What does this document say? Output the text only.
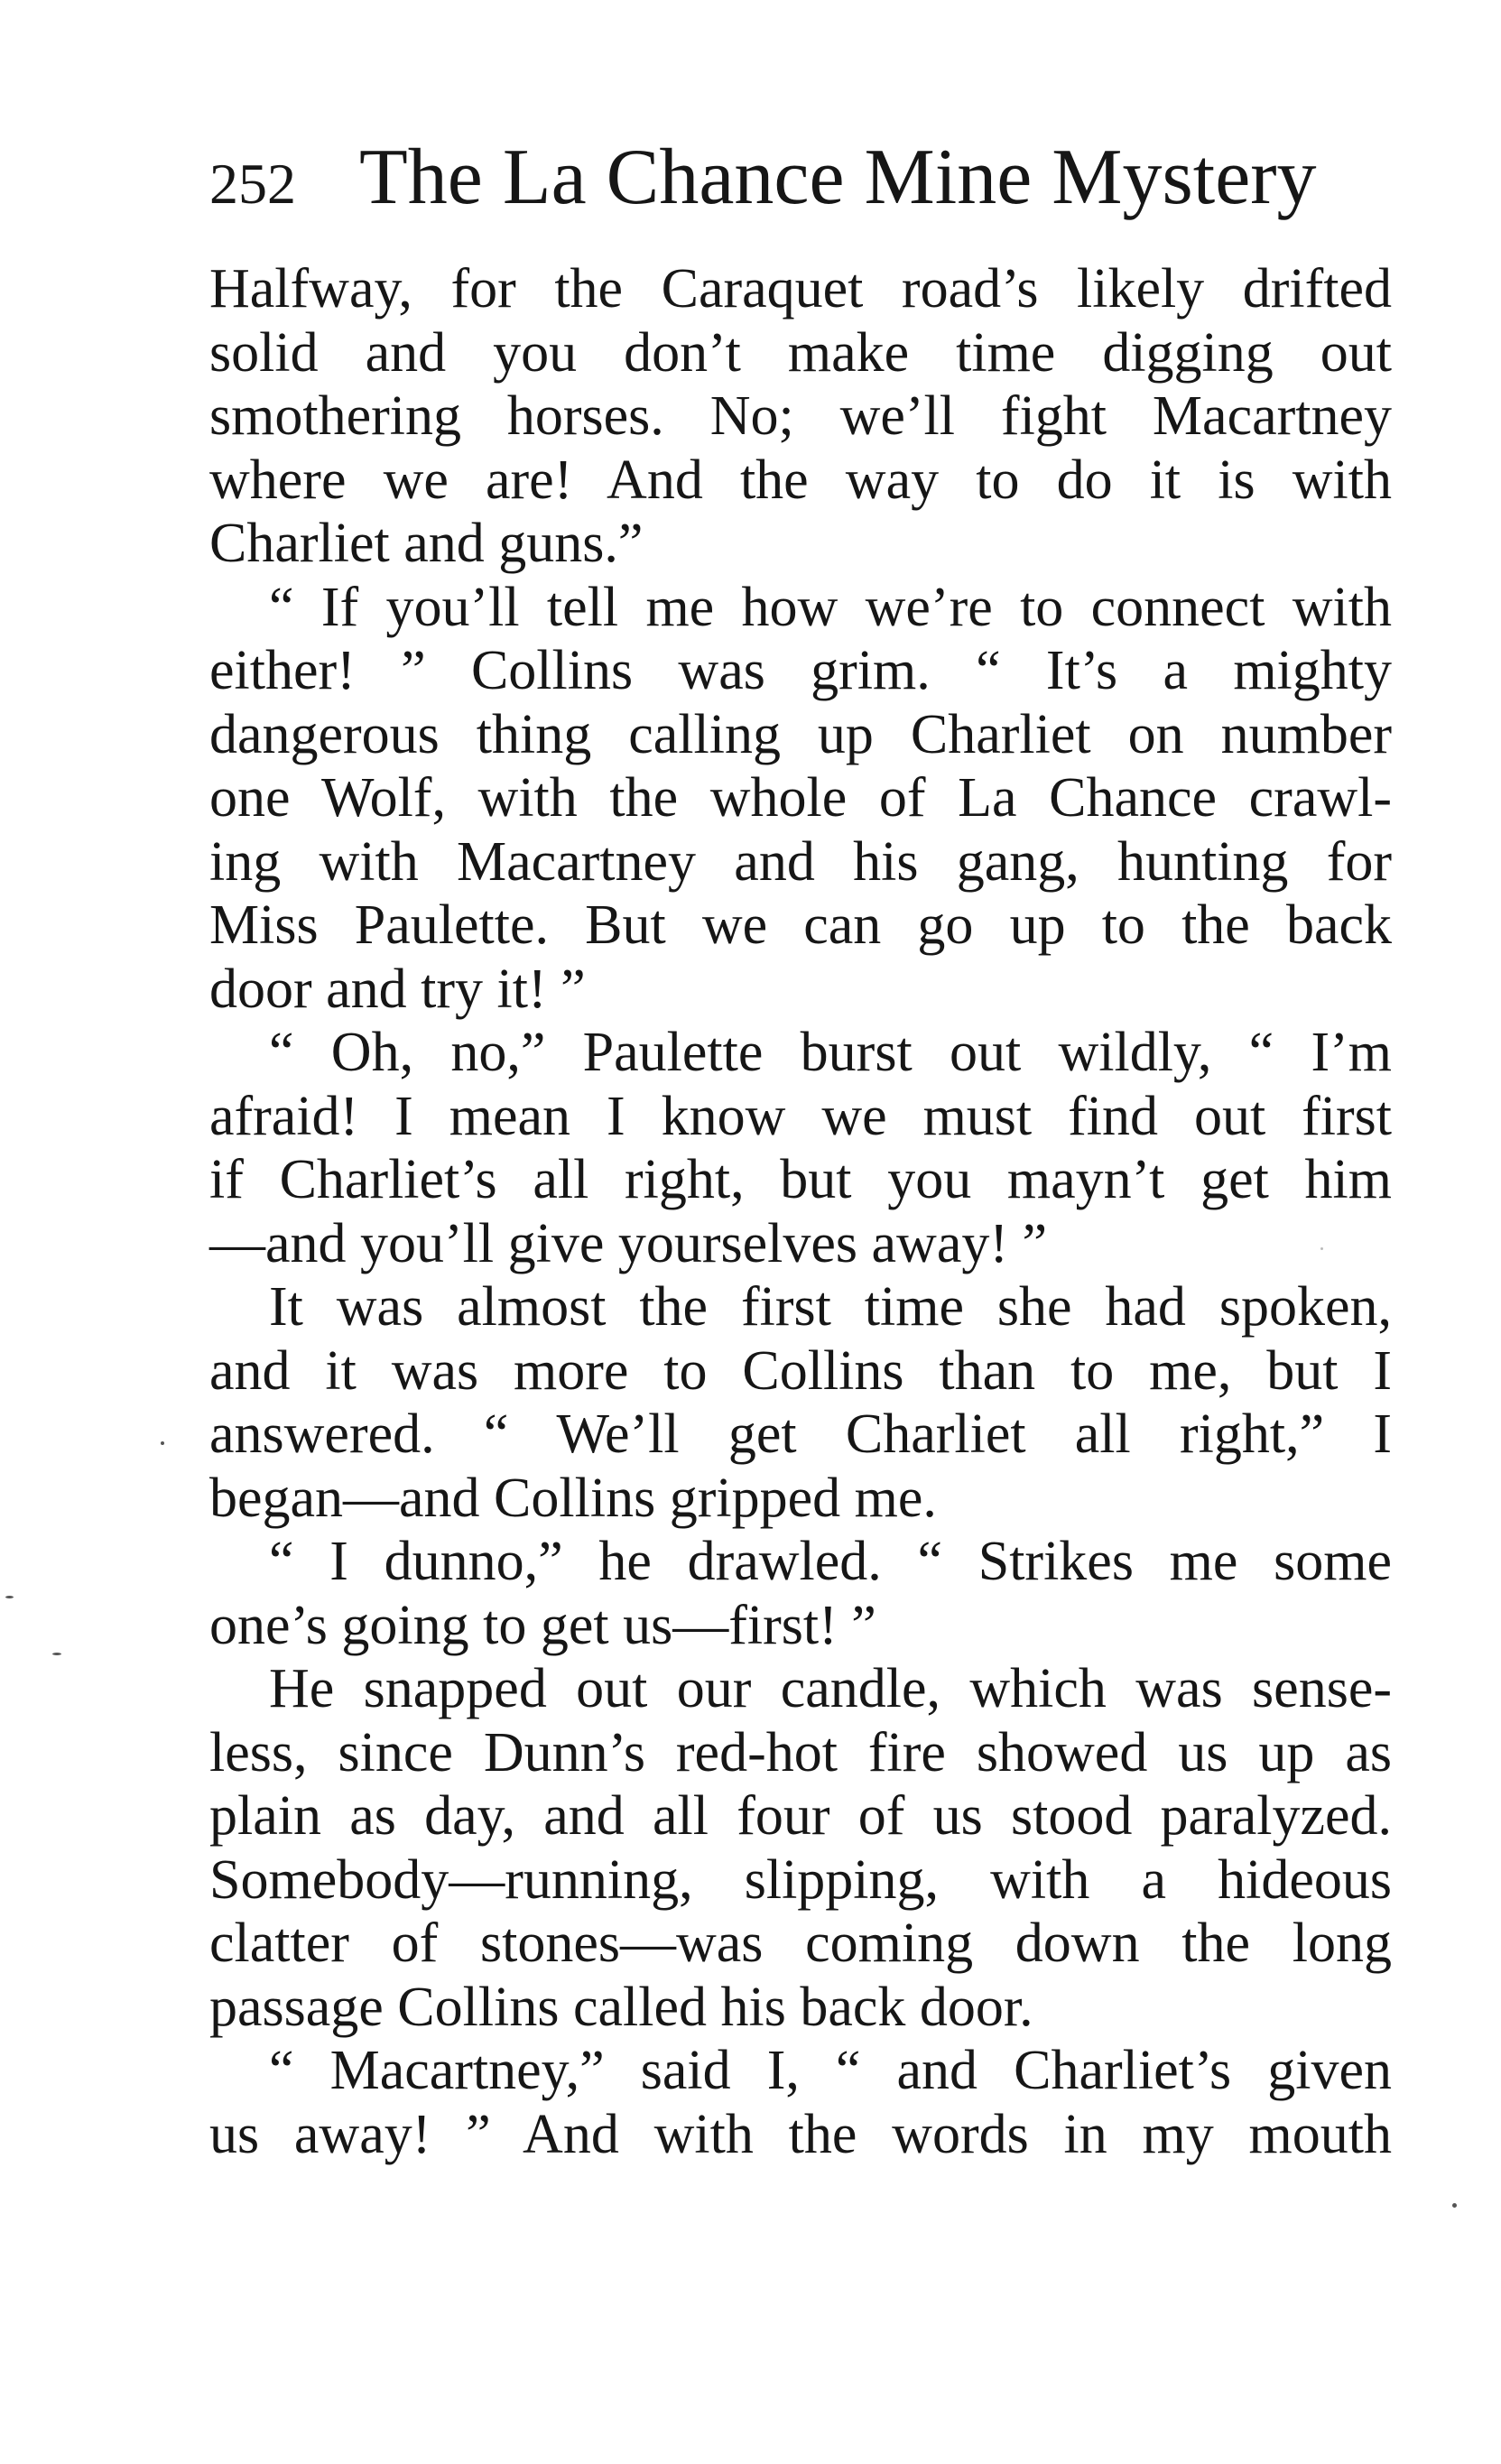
252 The La Chance Mine Mystery
Halfway, for the Caraquet road’s likely drifted
solid and you don’t make time digging out
smothering horses. No; we’ll fight Macartney
where we are! And the way to do it is with
Charliet and guns.”
“ If you’ll tell me how we’re to connect with
either! ” Collins was grim. “ It’s a mighty
dangerous thing calling up Charliet on number
one Wolf, with the whole of La Chance crawl-
ing with Macartney and his gang, hunting for
Miss Paulette. But we can go up to the back
door and try it! ”
“ Oh, no,” Paulette burst out wildly, “ I’m
afraid! I mean I know we must find out first
if Charliet’s all right, but you mayn’t get him
—and you’ll give yourselves away! ”
It was almost the first time she had spoken,
and it was more to Collins than to me, but I
answered. “ We’ll get Charliet all right,” I
began—and Collins gripped me.
“ I dunno,” he drawled. “ Strikes me some
one’s going to get us—first! ”
He snapped out our candle, which was sense-
less, since Dunn’s red-hot fire showed us up as
plain as day, and all four of us stood paralyzed.
Somebody—running, slipping, with a hideous
clatter of stones—was coming down the long
passage Collins called his back door.
“ Macartney,” said I, “ and Charliet’s given
us away! ” And with the words in my mouth
